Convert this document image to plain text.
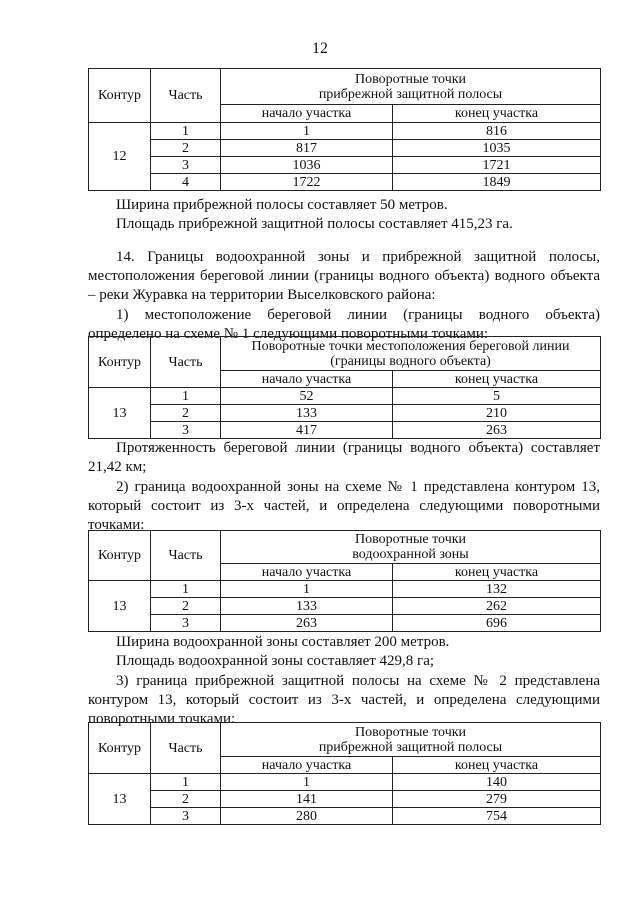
12
Контур	Часть	Поворотные точки
прибрежной защитной полосы	

		начало участка	конец участка
12	1	1	816
	2	817	1035
	3	1036	1721
	4	1722	1849
Ширина прибрежной полосы составляет 50 метров.
Площадь прибрежной защитной полосы составляет 415,23 га.
14. Границы водоохранной зоны и прибрежной защитной полосы, местоположения береговой линии (границы водного объекта) водного объекта – реки Журавка на территории Выселковского района:
1) местоположение береговой линии (границы водного объекта) определено на схеме № 1 следующими поворотными точками:
Контур	Часть	Поворотные точки местоположения береговой линии
(границы водного объекта)	

		начало участка	конец участка
13	1	52	5
	2	133	210
	3	417	263
Протяженность береговой линии (границы водного объекта) составляет 21,42 км;
2) граница водоохранной зоны на схеме № 1 представлена контуром 13, который состоит из 3-х частей, и определена следующими поворотными точками:
Контур	Часть	Поворотные точки
водоохранной зоны	

		начало участка	конец участка
13	1	1	132
	2	133	262
	3	263	696
Ширина водоохранной зоны составляет 200 метров.
Площадь водоохранной зоны составляет 429,8 га;
3) граница прибрежной защитной полосы на схеме № 2 представлена контуром 13, который состоит из 3-х частей, и определена следующими поворотными точками:
Контур	Часть	Поворотные точки
прибрежной защитной полосы	

		начало участка	конец участка
13	1	1	140
	2	141	279
	3	280	754
